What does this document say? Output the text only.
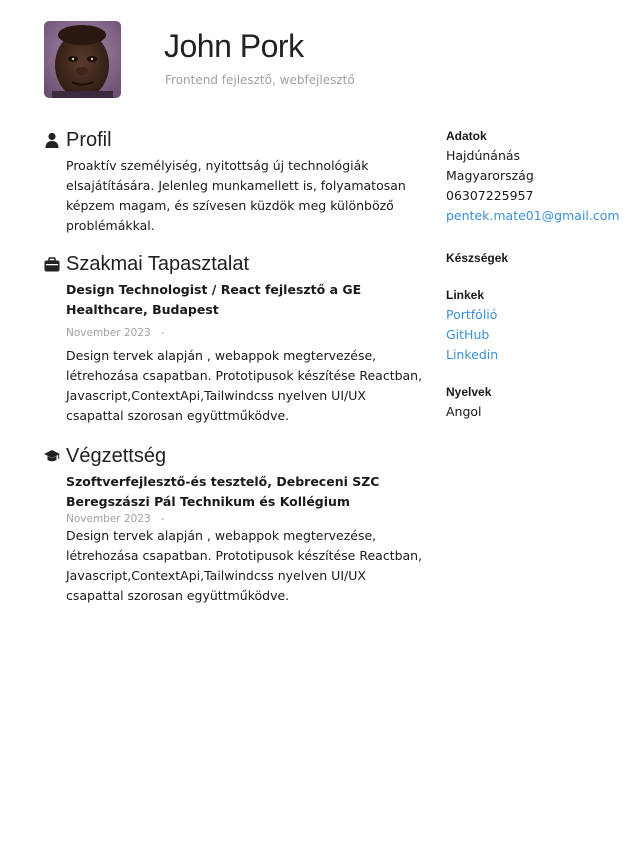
John Pork
Frontend fejlesztő, webfejlesztő
Profil

Proaktív személyiség, nyitottság új technológiák elsajátítására. Jelenleg munkamellett is, folyamatosan képzem magam, és szívesen küzdök meg különböző problémákkal.

Szakmai Tapasztalat

Design Technologist / React fejlesztő a GE Healthcare, Budapest

November 2023   -

Design tervek alapján , webappok megtervezése, létrehozása csapatban. Prototipusok készítése Reactban, Javascript,ContextApi,Tailwindcss nyelven UI/UX csapattal szorosan együttműködve.

Végzettség

Szoftverfejlesztő-és tesztelő, Debreceni SZC Beregszászi Pál Technikum és Kollégium

November 2023   -

Design tervek alapján , webappok megtervezése, létrehozása csapatban. Prototipusok készítése Reactban, Javascript,ContextApi,Tailwindcss nyelven UI/UX csapattal szorosan együttműködve.

Adatok
Hajdúnánás
Magyarország
06307225957
pentek.mate01@gmail.com
Készségek
Linkek
Portfólió
GitHub
Linkedin
Nyelvek
Angol
